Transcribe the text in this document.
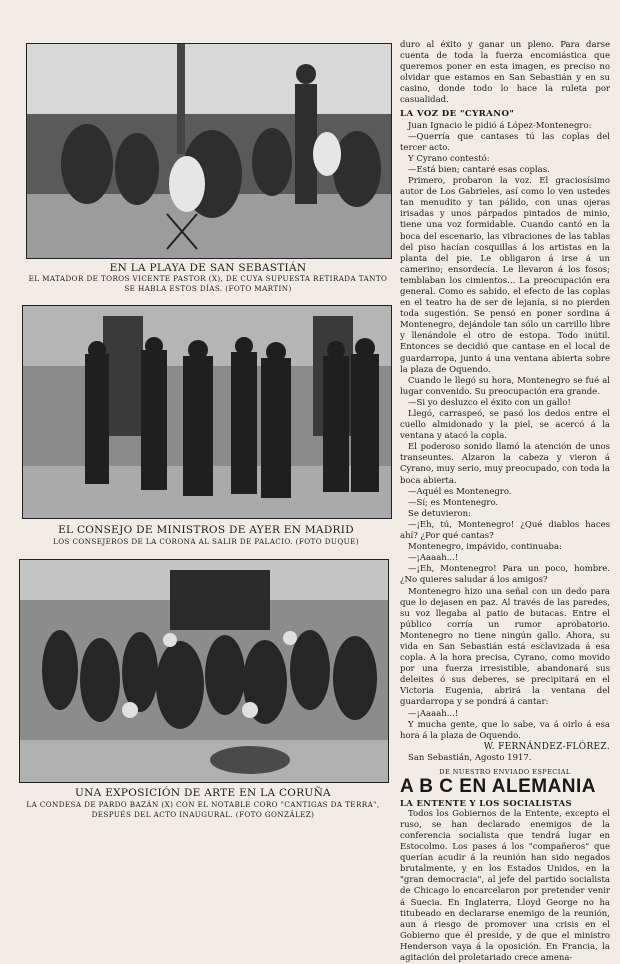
EN LA PLAYA DE SAN SEBASTIÁN
EL MATADOR DE TOROS VICENTE PASTOR (X), DE CUYA SUPUESTA RETIRADA TANTO SE HABLA ESTOS DÍAS. (FOTO MARTIN)
EL CONSEJO DE MINISTROS DE AYER EN MADRID
LOS CONSEJEROS DE LA CORONA AL SALIR DE PALACIO. (FOTO DUQUE)
UNA EXPOSICIÓN DE ARTE EN LA CORUÑA
LA CONDESA DE PARDO BAZÁN (X) CON EL NOTABLE CORO "CANTIGAS DA TERRA", DESPUÉS DEL ACTO INAUGURAL. (FOTO GONZÁLEZ)

duro al éxito y ganar un pleno. Para darse cuenta de toda la fuerza encomiástica que queremos poner en esta imagen, es preciso no olvidar que estamos en San Sebastián y en su casino, donde todo lo hace la ruleta por casualidad.

LA VOZ DE "CYRANO"

Juan Ignacio le pidió á López-Montenegro:

—Querría que cantases tú las coplas del tercer acto.

Y Cyrano contestó:

—Está bien; cantaré esas coplas.

Primero, probaron la voz. El graciosísimo autor de Los Gabrieles, así como lo ven ustedes tan menudito y tan pálido, con unas ojeras irisadas y unos párpados pintados de minio, tiene una voz formidable. Cuando cantó en la boca del escenario, las vibraciones de las tablas del piso hacían cosquillas á los artistas en la planta del pie. Le obligaron á irse á un camerino; ensordecía. Le llevaron á los fosos; temblaban los cimientos... La preocupación era general. Como es sabido, el efecto de las coplas en el teatro ha de ser de lejanía, si no pierden toda sugestión. Se pensó en poner sordina á Montenegro, dejándole tan sólo un carrillo libre y llenándole el otro de estopa. Todo inútil. Entonces se decidió que cantase en el local de guardarropa, junto á una ventana abierta sobre la plaza de Oquendo.

Cuando le llegó su hora, Montenegro se fué al lugar convenido. Su preocupación era grande.

—Si yo desluzco el éxito con un gallo!

Llegó, carraspeó, se pasó los dedos entre el cuello almidonado y la piel, se acercó á la ventana y atacó la copla.

El poderoso sonido llamó la atención de unos transeuntes. Alzaron la cabeza y vieron á Cyrano, muy serio, muy preocupado, con toda la boca abierta.

—Aquél es Montenegro.

—Sí; es Montenegro.

Se detuvieron:

—¡Eh, tú, Montenegro! ¿Qué diablos haces ahí? ¿Por qué cantas?

Montenegro, impávido, continuaba:

—¡Aaaah...!

—¡Eh, Montenegro! Para un poco, hombre. ¿No quieres saludar á los amigos?

Montenegro hizo una señal con un dedo para que lo dejasen en paz. Al través de las paredes, su voz llegaba al patio de butacas. Entre el público corría un rumor aprobatorio. Montenegro no tiene ningún gallo. Ahora, su vida en San Sebastián está esclavizada á esa copla. A la hora precisa, Cyrano, como movido por una fuerza irresistible, abandonará sus deleites ó sus deberes, se precipitará en el Victoria Eugenia, abrirá la ventana del guardarropa y se pondrá á cantar:

—¡Aaaah...!

Y mucha gente, que lo sabe, va á oirlo á esa hora á la plaza de Oquendo.

W. FERNÁNDEZ-FLÓREZ.

San Sebastián, Agosto 1917.

DE NUESTRO ENVIADO ESPECIAL

A B C EN ALEMANIA
LA ENTENTE Y LOS SOCIALISTAS

Todos los Gobiernos de la Entente, excepto el ruso, se han declarado enemigos de la conferencia socialista que tendrá lugar en Estocolmo. Los pases á los "compañeros" que querían acudir á la reunión han sido negados brutalmente, y en los Estados Unidos, en la "gran democracia", al jefe del partido socialista de Chicago lo encarcelaron por pretender venir á Suecia. En Inglaterra, Lloyd George no ha titubeado en declararse enemigo de la reunión, aun á riesgo de promover una crisis en el Gobierno que él preside, y de que el ministro Henderson vaya á la oposición. En Francia, la agitación del proletariado crece amena-
